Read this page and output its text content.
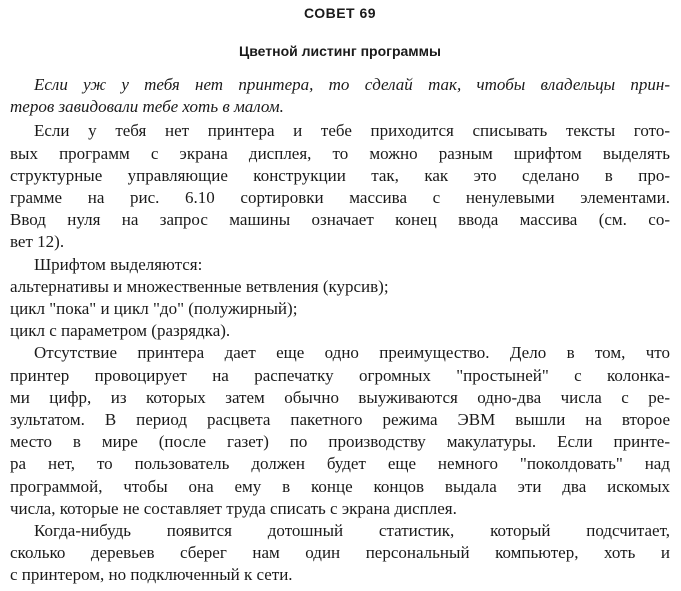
СОВЕТ 69
Цветной листинг программы
Если уж у тебя нет принтера, то сделай так, чтобы владельцы прин-
теров завидовали тебе хоть в малом.
Если у тебя нет принтера и тебе приходится списывать тексты гото-
вых программ с экрана дисплея, то можно разным шрифтом выделять
структурные управляющие конструкции так, как это сделано в про-
грамме на рис. 6.10 сортировки массива с ненулевыми элементами.
Ввод нуля на запрос машины означает конец ввода массива (см. со-
вет 12).
Шрифтом выделяются:
альтернативы и множественные ветвления (курсив);
цикл "пока" и цикл "до" (полужирный);
цикл с параметром (разрядка).
Отсутствие принтера дает еще одно преимущество. Дело в том, что
принтер провоцирует на распечатку огромных "простыней" с колонка-
ми цифр, из которых затем обычно выуживаются одно-два числа с ре-
зультатом. В период расцвета пакетного режима ЭВМ вышли на второе
место в мире (после газет) по производству макулатуры. Если принте-
ра нет, то пользователь должен будет еще немного "поколдовать" над
программой, чтобы она ему в конце концов выдала эти два искомых
числа, которые не составляет труда списать с экрана дисплея.
Когда-нибудь появится дотошный статистик, который подсчитает,
сколько деревьев сберег нам один персональный компьютер, хоть и
с принтером, но подключенный к сети.
